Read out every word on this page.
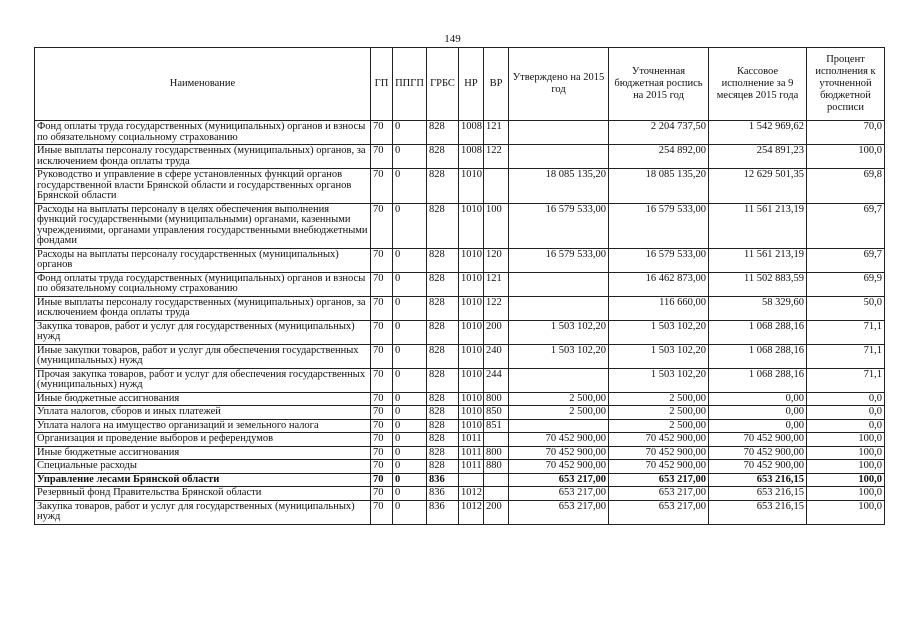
149
Наименование	ГП	ППГП	ГРБС	НР	ВР	Утверждено на 2015 год	Уточненная бюджетная роспись на 2015 год	Кассовое исполнение за 9 месяцев 2015 года	Процент исполнения к уточненной бюджетной росписи
Фонд оплаты труда государственных (муниципальных) органов и взносы по обязательному социальному страхованию	70	0	828	1008	121		2 204 737,50	1 542 969,62	70,0
Иные выплаты персоналу государственных (муниципальных) органов, за исключением фонда оплаты труда	70	0	828	1008	122		254 892,00	254 891,23	100,0
Руководство и управление в сфере установленных функций органов государственной власти Брянской области и государственных органов Брянской области	70	0	828	1010		18 085 135,20	18 085 135,20	12 629 501,35	69,8
Расходы на выплаты персоналу в целях обеспечения выполнения функций государственными (муниципальными) органами, казенными учреждениями, органами управления государственными внебюджетными фондами	70	0	828	1010	100	16 579 533,00	16 579 533,00	11 561 213,19	69,7
Расходы на выплаты персоналу государственных (муниципальных) органов	70	0	828	1010	120	16 579 533,00	16 579 533,00	11 561 213,19	69,7
Фонд оплаты труда государственных (муниципальных) органов и взносы по обязательному социальному страхованию	70	0	828	1010	121		16 462 873,00	11 502 883,59	69,9
Иные выплаты персоналу государственных (муниципальных) органов, за исключением фонда оплаты труда	70	0	828	1010	122		116 660,00	58 329,60	50,0
Закупка товаров, работ и услуг для государственных (муниципальных) нужд	70	0	828	1010	200	1 503 102,20	1 503 102,20	1 068 288,16	71,1
Иные закупки товаров, работ и услуг для обеспечения государственных (муниципальных) нужд	70	0	828	1010	240	1 503 102,20	1 503 102,20	1 068 288,16	71,1
Прочая закупка товаров, работ и услуг для обеспечения государственных (муниципальных) нужд	70	0	828	1010	244		1 503 102,20	1 068 288,16	71,1
Иные бюджетные ассигнования	70	0	828	1010	800	2 500,00	2 500,00	0,00	0,0
Уплата налогов, сборов и иных платежей	70	0	828	1010	850	2 500,00	2 500,00	0,00	0,0
Уплата налога на имущество организаций и земельного налога	70	0	828	1010	851		2 500,00	0,00	0,0
Организация и проведение выборов и референдумов	70	0	828	1011		70 452 900,00	70 452 900,00	70 452 900,00	100,0
Иные бюджетные ассигнования	70	0	828	1011	800	70 452 900,00	70 452 900,00	70 452 900,00	100,0
Специальные расходы	70	0	828	1011	880	70 452 900,00	70 452 900,00	70 452 900,00	100,0
Управление лесами Брянской области	70	0	836			653 217,00	653 217,00	653 216,15	100,0
Резервный фонд Правительства Брянской области	70	0	836	1012		653 217,00	653 217,00	653 216,15	100,0
Закупка товаров, работ и услуг для государственных (муниципальных) нужд	70	0	836	1012	200	653 217,00	653 217,00	653 216,15	100,0
